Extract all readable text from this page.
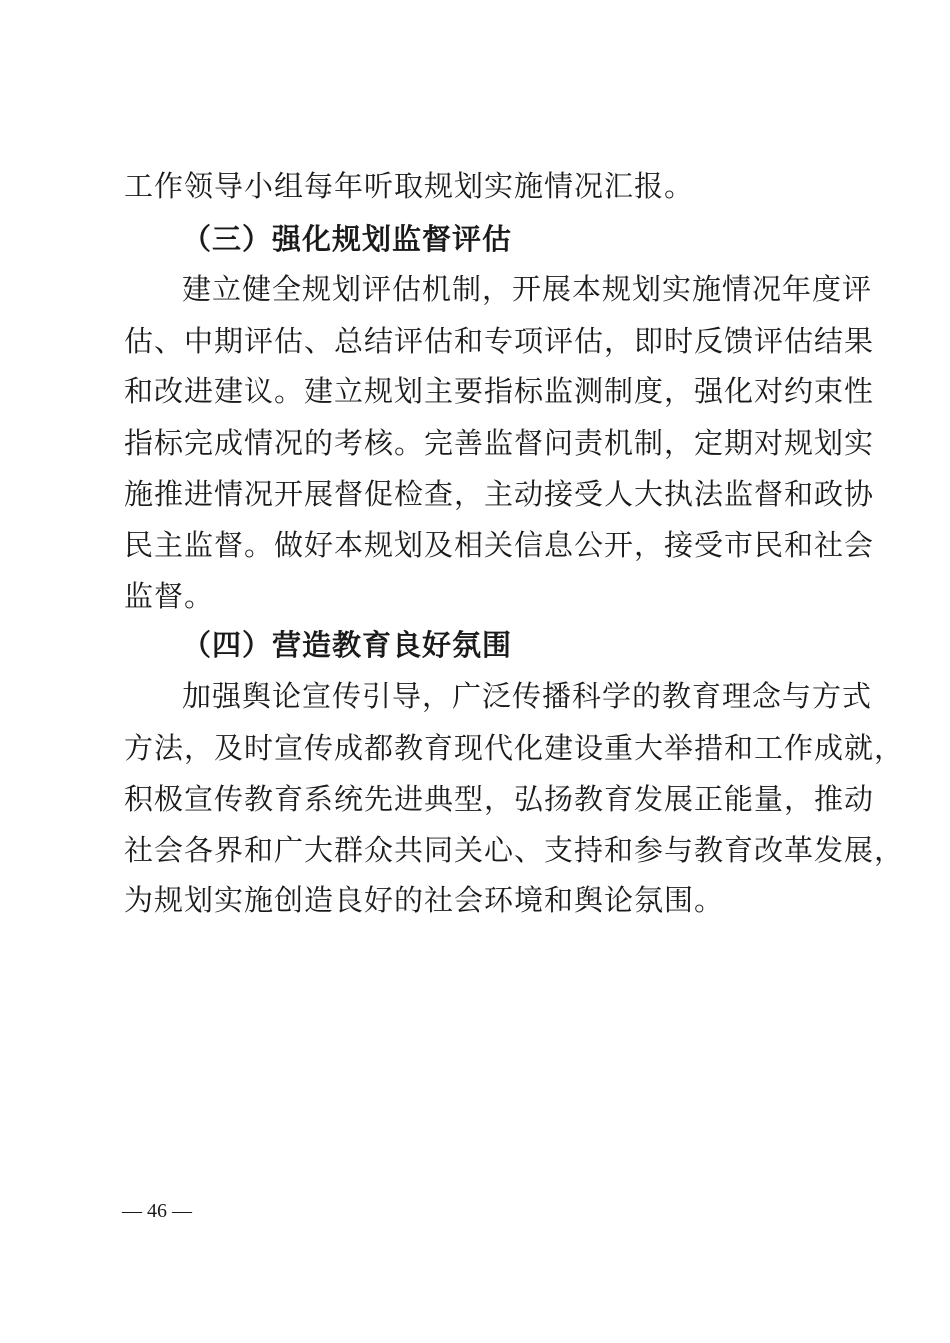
工作领导小组每年听取规划实施情况汇报。
（三）强化规划监督评估
建立健全规划评估机制，开展本规划实施情况年度评
估、中期评估、总结评估和专项评估，即时反馈评估结果
和改进建议。建立规划主要指标监测制度，强化对约束性
指标完成情况的考核。完善监督问责机制，定期对规划实
施推进情况开展督促检查，主动接受人大执法监督和政协
民主监督。做好本规划及相关信息公开，接受市民和社会
监督。
（四）营造教育良好氛围
加强舆论宣传引导，广泛传播科学的教育理念与方式
方法，及时宣传成都教育现代化建设重大举措和工作成就，
积极宣传教育系统先进典型，弘扬教育发展正能量，推动
社会各界和广大群众共同关心、支持和参与教育改革发展，
为规划实施创造良好的社会环境和舆论氛围。
— 46 —
